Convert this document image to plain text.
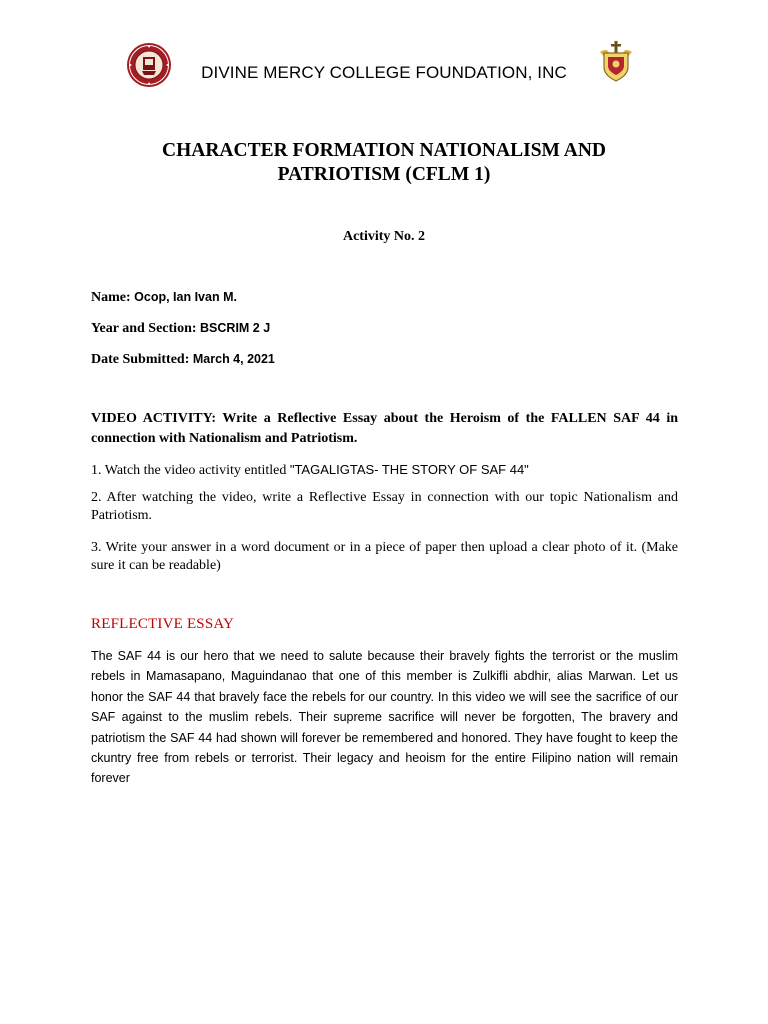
DIVINE MERCY COLLEGE FOUNDATION, INC
CHARACTER FORMATION NATIONALISM AND
PATRIOTISM (CFLM 1)
Activity No. 2
Name: Ocop, Ian Ivan M.
Year and Section: BSCRIM 2 J
Date Submitted: March 4, 2021
VIDEO ACTIVITY: Write a Reflective Essay about the Heroism of the FALLEN SAF 44 in connection with Nationalism and Patriotism.
1. Watch the video activity entitled "TAGALIGTAS- THE STORY OF SAF 44"
2. After watching the video, write a Reflective Essay in connection with our topic Nationalism and Patriotism.
3. Write your answer in a word document or in a piece of paper then upload a clear photo of it. (Make sure it can be readable)
REFLECTIVE ESSAY
The SAF 44 is our hero that we need to salute because their bravely fights the terrorist or the muslim rebels in Mamasapano, Maguindanao that one of this member is Zulkifli abdhir, alias Marwan. Let us honor the SAF 44 that bravely face the rebels for our country. In this video we will see the sacrifice of our SAF against to the muslim rebels. Their supreme sacrifice will never be forgotten, The bravery and patriotism the SAF 44 had shown will forever be remembered and honored. They have fought to keep the ckuntry free from rebels or terrorist. Their legacy and heoism for the entire Filipino nation will remain forever
